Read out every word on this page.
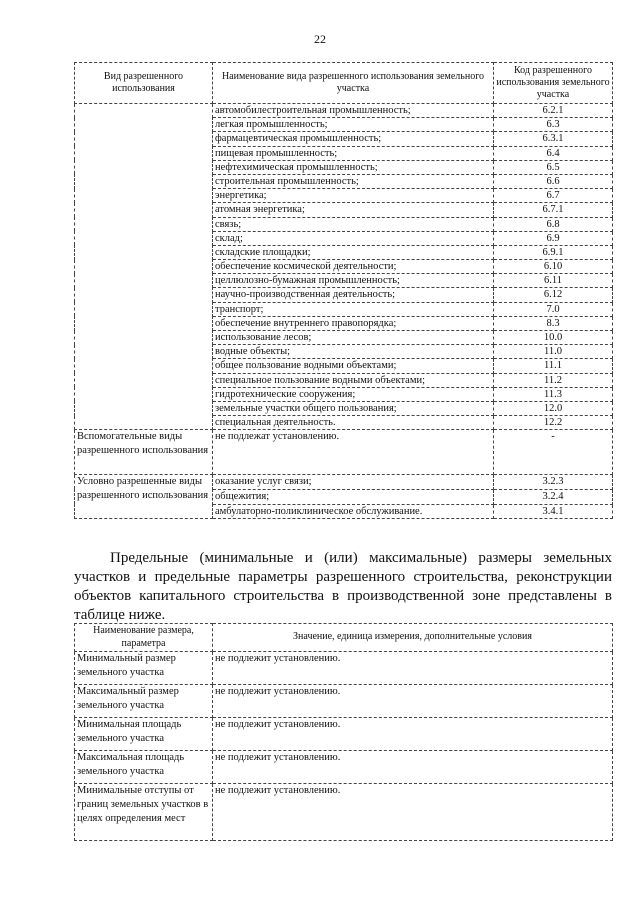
22
Вид разрешенного использования	Наименование вида разрешенного использования земельного участка	Код разрешенного использования земельного участка
	автомобилестроительная промышленность;	6.2.1
	легкая промышленность;	6.3
	фармацевтическая промышленность;	6.3.1
	пищевая промышленность;	6.4
	нефтехимическая промышленность;	6.5
	строительная промышленность;	6.6
	энергетика;	6.7
	атомная энергетика;	6.7.1
	связь;	6.8
	склад;	6.9
	складские площадки;	6.9.1
	обеспечение космической деятельности;	6.10
	целлюлозно-бумажная промышленность;	6.11
	научно-производственная деятельность;	6.12
	транспорт;	7.0
	обеспечение внутреннего правопорядка;	8.3
	использование лесов;	10.0
	водные объекты;	11.0
	общее пользование водными объектами;	11.1
	специальное пользование водными объектами;	11.2
	гидротехнические сооружения;	11.3
	земельные участки общего пользования;	12.0
	специальная деятельность.	12.2
Вспомогательные виды разрешенного использования	не подлежат установлению.	-
Условно разрешенные виды разрешенного использования	оказание услуг связи;	3.2.3
	общежития;	3.2.4
	амбулаторно-поликлиническое обслуживание.	3.4.1

Предельные (минимальные и (или) максимальные) размеры земельных участков и предельные параметры разрешенного строительства, реконструкции объектов капитального строительства в производственной зоне представлены в таблице ниже.

Наименование размера, параметра	Значение, единица измерения, дополнительные условия
Минимальный размер земельного участка	не подлежит установлению.
Максимальный размер земельного участка	не подлежит установлению.
Минимальная площадь земельного участка	не подлежит установлению.
Максимальная площадь земельного участка	не подлежит установлению.
Минимальные отступы от границ земельных участков в целях определения мест	не подлежит установлению.
